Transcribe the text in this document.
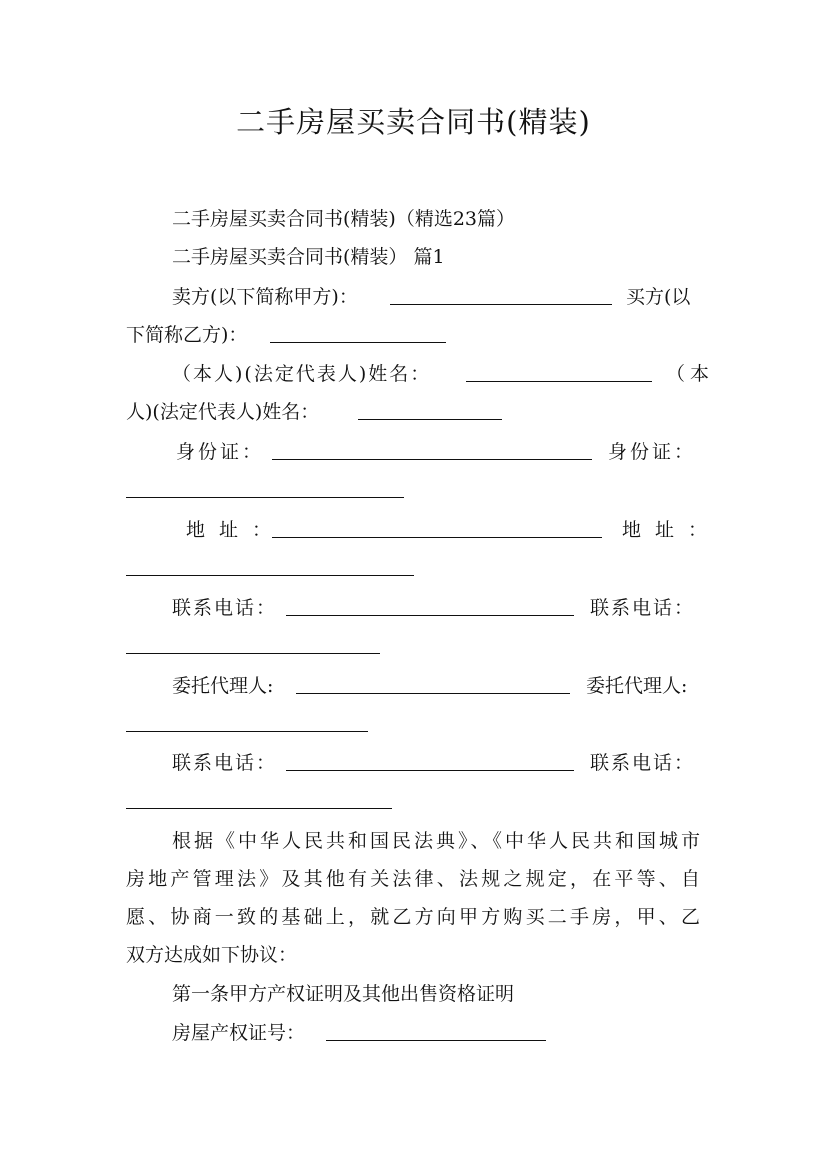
二手房屋买卖合同书(精装)
二手房屋买卖合同书(精装)（精选23篇）
二手房屋买卖合同书(精装） 篇1
卖方(以下简称甲方)：	买方(以
下简称乙方)：
（本人)(法定代表人)姓名：	（本
人)(法定代表人)姓名：
身份证：	身份证：
地址：	地址：
联系电话：	联系电话：
委托代理人:	委托代理人:
联系电话：	联系电话：
根据《中华人民共和国民法典》、《中华人民共和国城市
房地产管理法》及其他有关法律、法规之规定，在平等、自
愿、协商一致的基础上，就乙方向甲方购买二手房，甲、乙
双方达成如下协议：
第一条甲方产权证明及其他出售资格证明
房屋产权证号：
